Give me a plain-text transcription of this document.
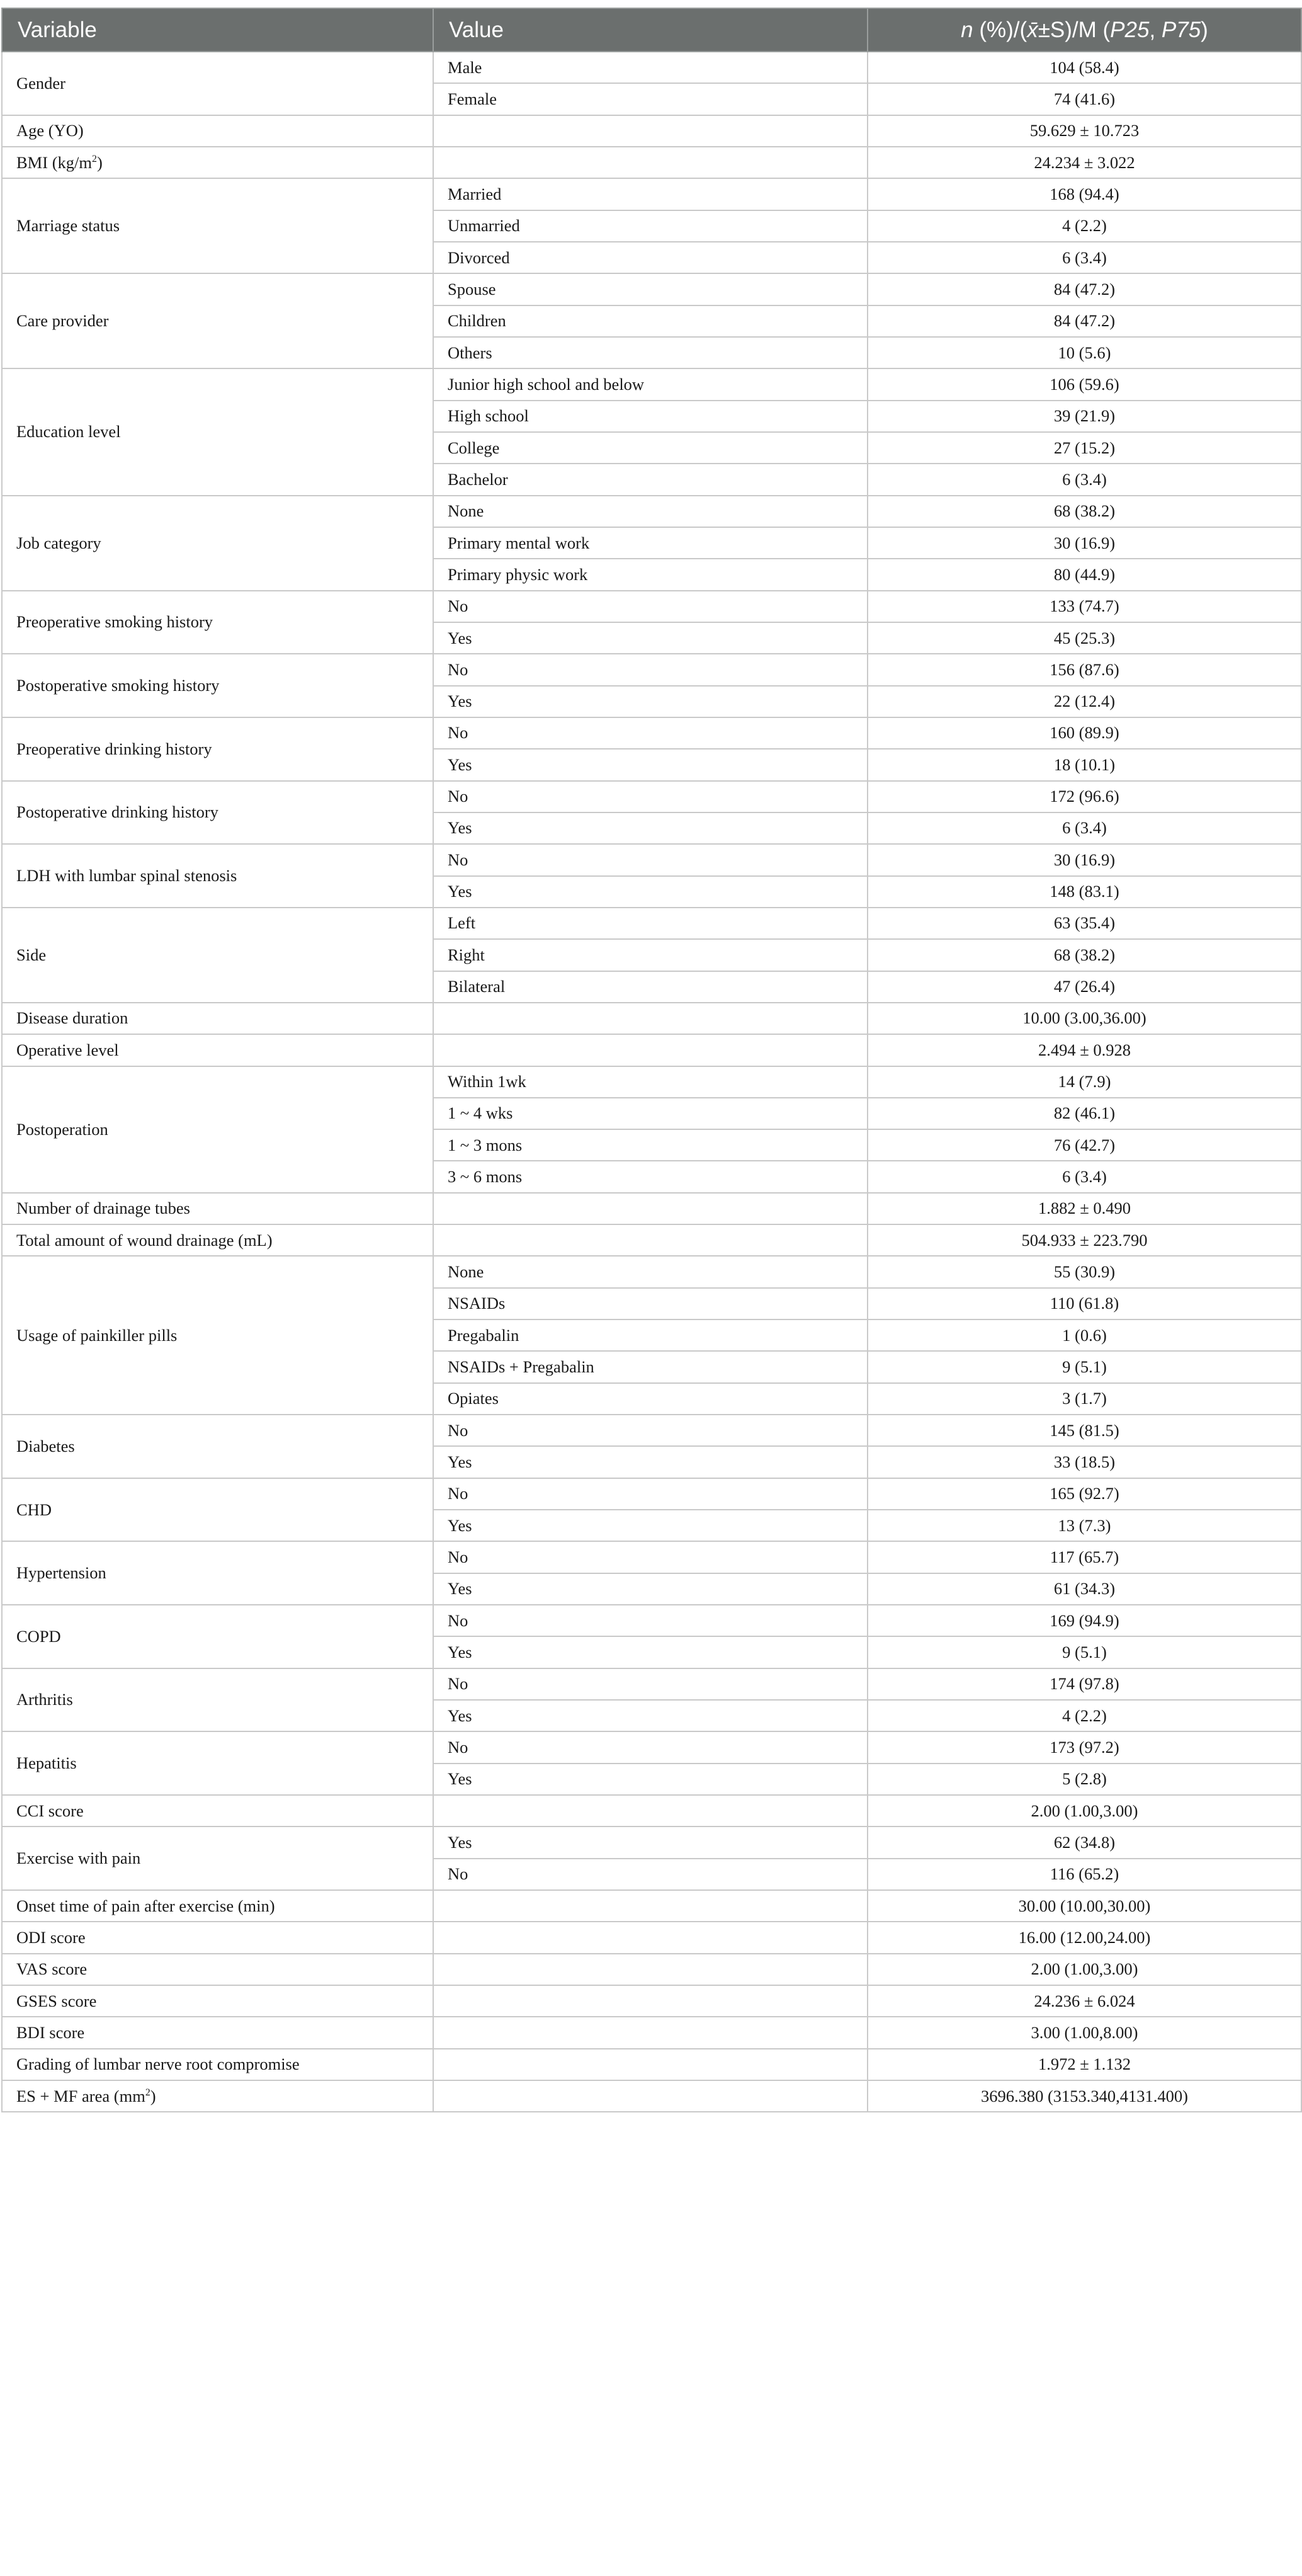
Variable	Value	n (%)/(x̄±S)/M (P25, P75)
Gender	Male	104 (58.4)
	Female	74 (41.6)
Age (YO)		59.629 ± 10.723
BMI $(kg/m^2)$		24.234 ± 3.022
Marriage status	Married	168 (94.4)
	Unmarried	4 (2.2)
	Divorced	6 (3.4)
Care provider	Spouse	84 (47.2)
	Children	84 (47.2)
	Others	10 (5.6)
Education level	Junior high school and below	106 (59.6)
	High school	39 (21.9)
	College	27 (15.2)
	Bachelor	6 (3.4)
Job category	None	68 (38.2)
	Primary mental work	30 (16.9)
	Primary physic work	80 (44.9)
Preoperative smoking history	No	133 (74.7)
	Yes	45 (25.3)
Postoperative smoking history	No	156 (87.6)
	Yes	22 (12.4)
Preoperative drinking history	No	160 (89.9)
	Yes	18 (10.1)
Postoperative drinking history	No	172 (96.6)
	Yes	6 (3.4)
LDH with lumbar spinal stenosis	No	30 (16.9)
	Yes	148 (83.1)
Side	Left	63 (35.4)
	Right	68 (38.2)
	Bilateral	47 (26.4)
Disease duration		10.00 (3.00,36.00)
Operative level		2.494 ± 0.928
Postoperation	Within 1wk	14 (7.9)
	1 ~ 4 wks	82 (46.1)
	1 ~ 3 mons	76 (42.7)
	3 ~ 6 mons	6 (3.4)
Number of drainage tubes		1.882 ± 0.490
Total amount of wound drainage (mL)		504.933 ± 223.790
Usage of painkiller pills	None	55 (30.9)
	NSAIDs	110 (61.8)
	Pregabalin	1 (0.6)
	NSAIDs + Pregabalin	9 (5.1)
	Opiates	3 (1.7)
Diabetes	No	145 (81.5)
	Yes	33 (18.5)
CHD	No	165 (92.7)
	Yes	13 (7.3)
Hypertension	No	117 (65.7)
	Yes	61 (34.3)
COPD	No	169 (94.9)
	Yes	9 (5.1)
Arthritis	No	174 (97.8)
	Yes	4 (2.2)
Hepatitis	No	173 (97.2)
	Yes	5 (2.8)
CCI score		2.00 (1.00,3.00)
Exercise with pain	Yes	62 (34.8)
	No	116 (65.2)
Onset time of pain after exercise (min)		30.00 (10.00,30.00)
ODI score		16.00 (12.00,24.00)
VAS score		2.00 (1.00,3.00)
GSES score		24.236 ± 6.024
BDI score		3.00 (1.00,8.00)
Grading of lumbar nerve root compromise		1.972 ± 1.132
ES + MF area $(mm^2)$		3696.380 (3153.340,4131.400)
